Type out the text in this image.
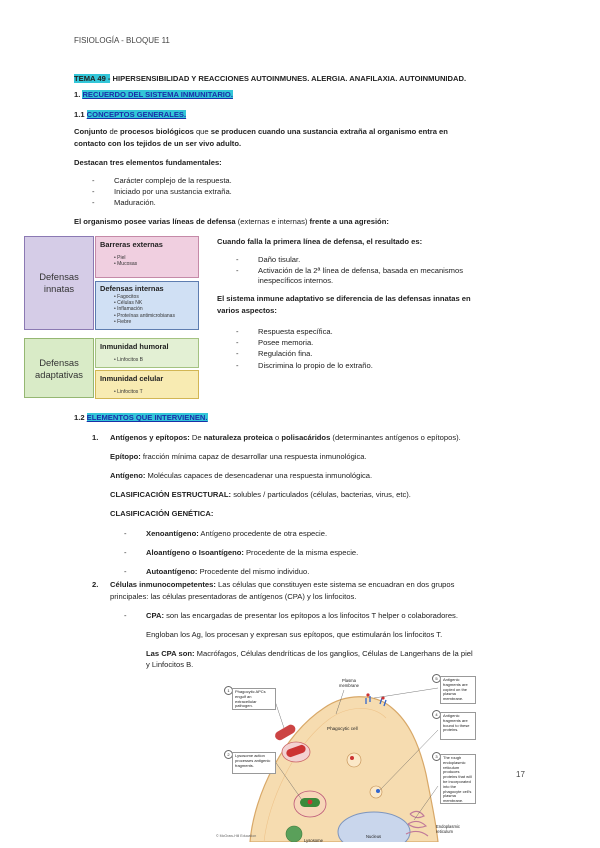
FISIOLOGÍA - BLOQUE 11
TEMA 49 - HIPERSENSIBILIDAD Y REACCIONES AUTOINMUNES. ALERGIA. ANAFILAXIA. AUTOINMUNIDAD.
1. RECUERDO DEL SISTEMA INMUNITARIO.
1.1 CONCEPTOS GENERALES.
Conjunto de procesos biológicos que se producen cuando una sustancia extraña al organismo entra en
contacto con los tejidos de un ser vivo adulto.
Destacan tres elementos fundamentales:
- Carácter complejo de la respuesta.
- Iniciado por una sustancia extraña.
- Maduración.
El organismo posee varias líneas de defensa (externas e internas) frente a una agresión:
Defensas
innatas
Barreras externas
• Piel
• Mucosas
Defensas internas
• Fagocitos
• Células NK
• Inflamación
• Proteínas antimicrobianas
• Fiebre
Defensas
adaptativas
Inmunidad humoral
• Linfocitos B
Inmunidad celular
• Linfocitos T
Cuando falla la primera línea de defensa, el resultado es:
- Daño tisular.
- Activación de la 2ª línea de defensa, basada en mecanismos
inespecíficos internos.
El sistema inmune adaptativo se diferencia de las defensas innatas en
varios aspectos:
- Respuesta específica.
- Posee memoria.
- Regulación fina.
- Discrimina lo propio de lo extraño.
1.2 ELEMENTOS QUE INTERVIENEN.
1. Antígenos y epítopos: De naturaleza proteica o polisacáridos (determinantes antígenos o epítopos).
Epítopo: fracción mínima capaz de desarrollar una respuesta inmunológica.
Antígeno: Moléculas capaces de desencadenar una respuesta inmunológica.
CLASIFICACIÓN ESTRUCTURAL: solubles / particulados (células, bacterias, virus, etc).
CLASIFICACIÓN GENÉTICA:
- Xenoantígeno: Antígeno procedente de otra especie.
- Aloantígeno o Isoantígeno: Procedente de la misma especie.
- Autoantígeno: Procedente del mismo individuo.
2. Células inmunocompetentes: Las células que constituyen este sistema se encuadran en dos grupos
principales: las células presentadoras de antígenos (CPA) y los linfocitos.
- CPA: son las encargadas de presentar los epítopos a los linfocitos T helper o colaboradores.
Engloban los Ag, los procesan y expresan sus epítopos, que estimularán los linfocitos T.
Las CPA son: Macrófagos, Células dendríticas de los ganglios, Células de Langerhans de la piel
y Linfocitos B.
Plasma membrane
Phagocytic cell
Nucleus
Endoplasmic reticulum
Lysosome
1	Phagocytic APCs engulf an extracellular pathogen.
2	Lysosome action processes antigenic fragments.
5	Antigenic fragments are copied on the plasma membrane.
4	Antigenic fragments are bound to these proteins.
3	The rough endoplasmic reticulum produces proteins that will be incorporated into the phagocyte cell's plasma membrane.
© McGraw-Hill Education
17
